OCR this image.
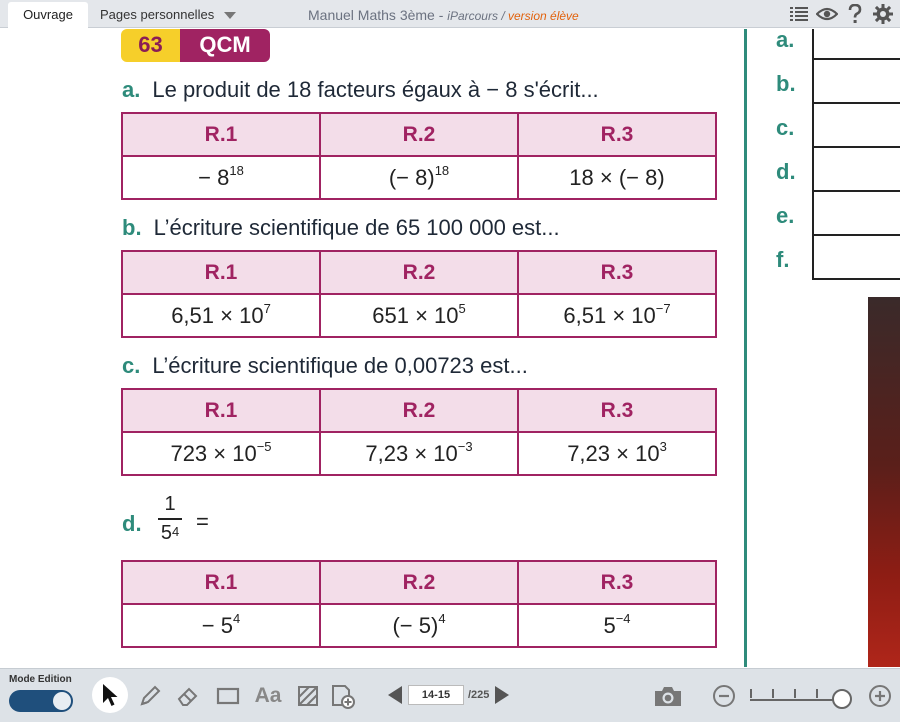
Ouvrage	Pages personnelles	Manuel Maths 3ème - iParcours / version élève
63	QCM
a. Le produit de 18 facteurs égaux à − 8 s'écrit...
R.1	R.2	R.3
− $8^{18}$	(− 8)$^{18}$	18 × (− 8)
b. L’écriture scientifique de 65 100 000 est...
R.1	R.2	R.3
$6,51 \times 10^7$	$651 \times 10^5$	$6,51 \times 10^{-7}$
c. L’écriture scientifique de 0,00723 est...
R.1	R.2	R.3
$723 \times 10^{-5}$	$7,23 \times 10^{-3}$	$7,23 \times 10^3$
d.
1
$5^4$ =
R.1	R.2	R.3
− $5^4$	(− 5)$^4$	$5^{-4}$
a.
b.
c.
d.
e.
f.
Mode Edition
Aa	14-15	/225
